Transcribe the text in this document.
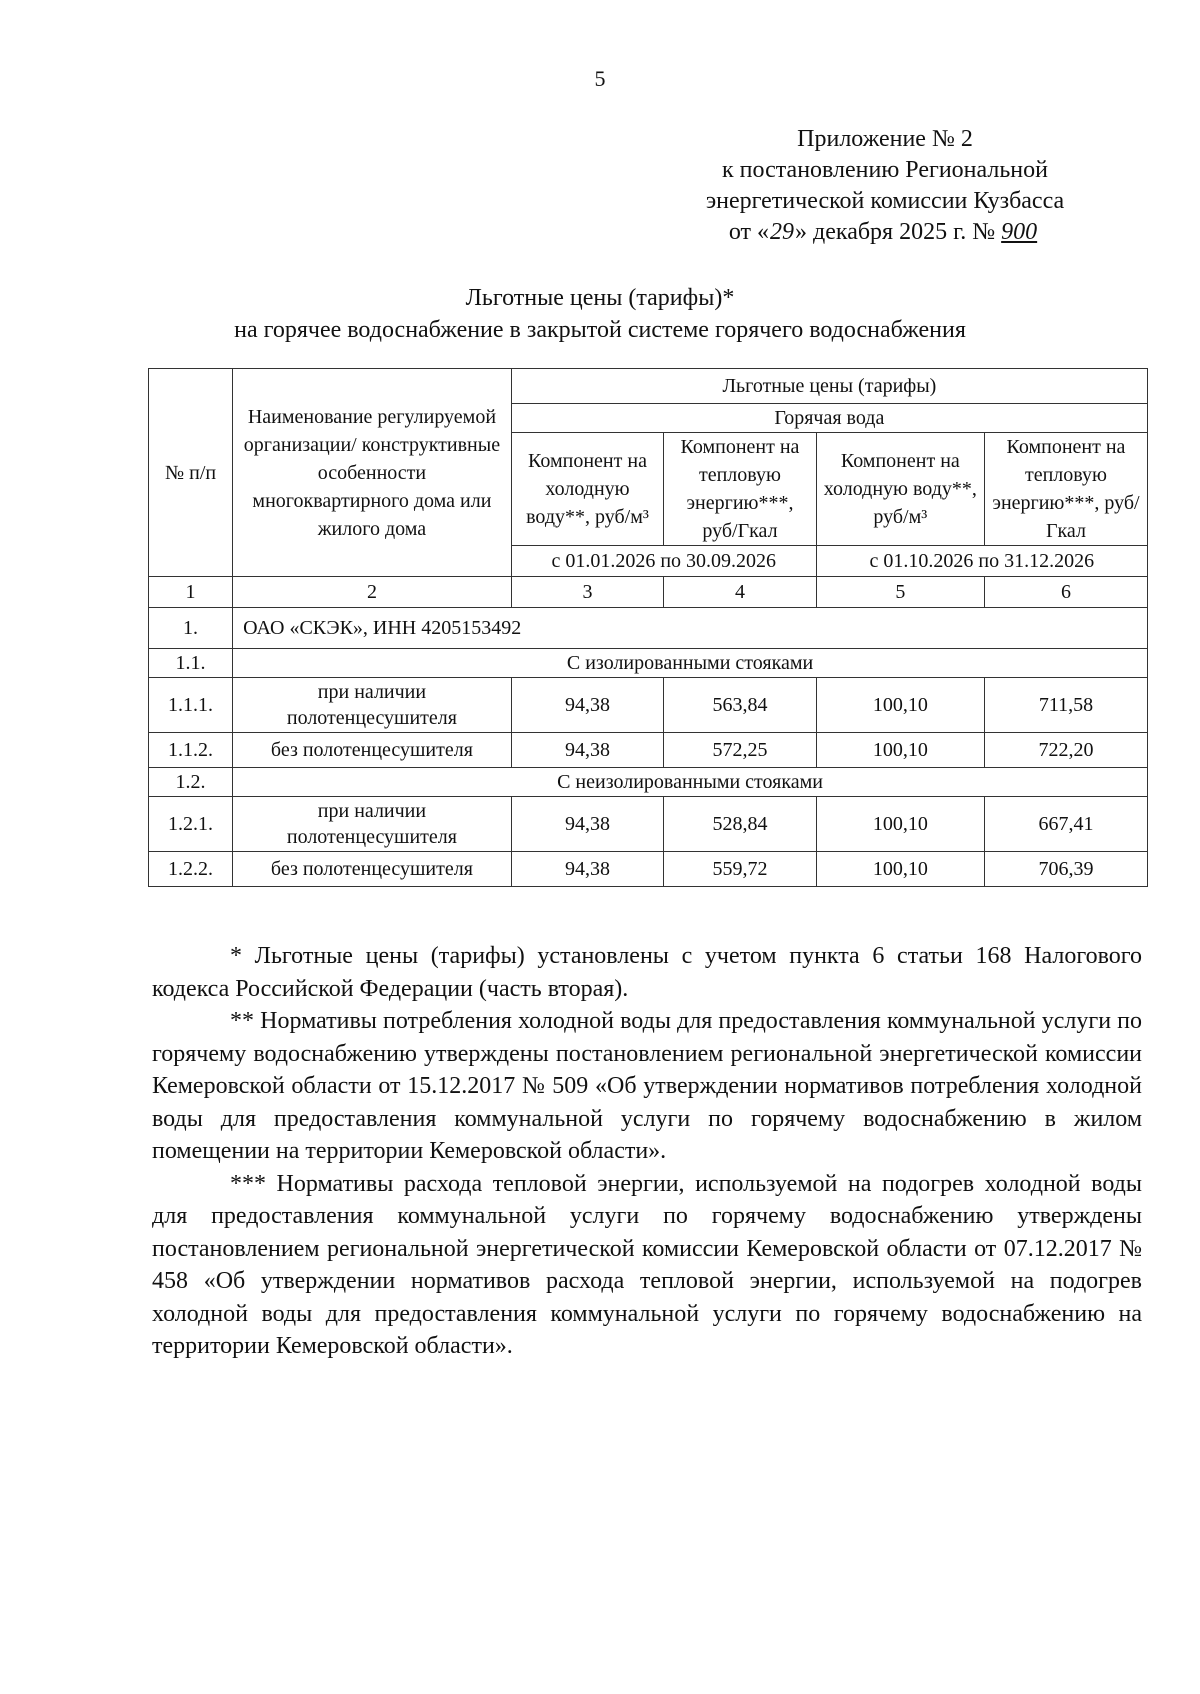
5
Приложение № 2
к постановлению Региональной
энергетической комиссии Кузбасса
от «29» декабря 2025 г. № 900
Льготные цены (тарифы)*
на горячее водоснабжение в закрытой системе горячего водоснабжения
№ п/п	Наименование регулируемой организации/ конструктивные особенности многоквартирного дома или жилого дома	Льготные цены (тарифы)			
		Горячая вода			
		Компонент на холодную воду**, руб/м³	Компонент на тепловую энергию***, руб/Гкал	Компонент на холодную воду**, руб/м³	Компонент на тепловую энергию***, руб/Гкал
		с 01.01.2026 по 30.09.2026		с 01.10.2026 по 31.12.2026	
1	2	3	4	5	6
1.	ОАО «СКЭК», ИНН 4205153492				
1.1.	С изолированными стояками				
1.1.1.	при наличии полотенцесушителя	94,38	563,84	100,10	711,58
1.1.2.	без полотенцесушителя	94,38	572,25	100,10	722,20
1.2.	С неизолированными стояками				
1.2.1.	при наличии полотенцесушителя	94,38	528,84	100,10	667,41
1.2.2.	без полотенцесушителя	94,38	559,72	100,10	706,39

* Льготные цены (тарифы) установлены с учетом пункта 6 статьи 168 Налогового кодекса Российской Федерации (часть вторая).

** Нормативы потребления холодной воды для предоставления коммунальной услуги по горячему водоснабжению утверждены постановлением региональной энергетической комиссии Кемеровской области от 15.12.2017 № 509 «Об утверждении нормативов потребления холодной воды для предоставления коммунальной услуги по горячему водоснабжению в жилом помещении на территории Кемеровской области».

*** Нормативы расхода тепловой энергии, используемой на подогрев холодной воды для предоставления коммунальной услуги по горячему водоснабжению утверждены постановлением региональной энергетической комиссии Кемеровской области от 07.12.2017 № 458 «Об утверждении нормативов расхода тепловой энергии, используемой на подогрев холодной воды для предоставления коммунальной услуги по горячему водоснабжению на территории Кемеровской области».
